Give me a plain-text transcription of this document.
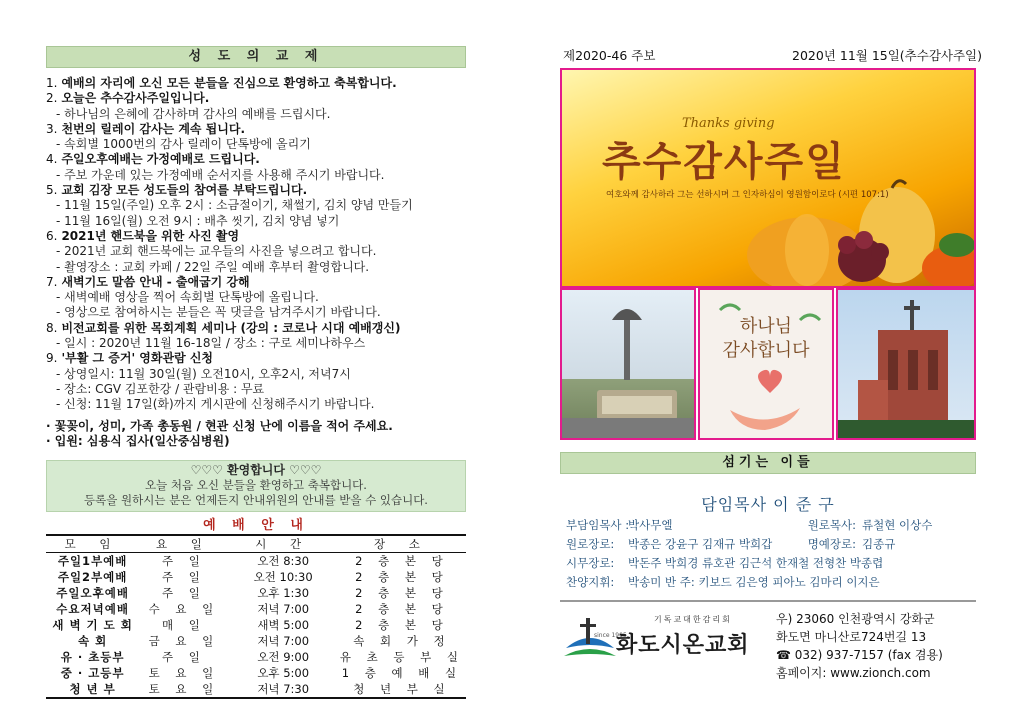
성 도 의 교 제
1. 예배의 자리에 오신 모든 분들을 진심으로 환영하고 축복합니다.
2. 오늘은 추수감사주일입니다.
- 하나님의 은혜에 감사하며 감사의 예배를 드립시다.
3. 천번의 릴레이 감사는 계속 됩니다.
- 속회별 1000번의 감사 릴레이 단톡방에 올리기
4. 주일오후예배는 가정예배로 드립니다.
- 주보 가운데 있는 가정예배 순서지를 사용해 주시기 바랍니다.
5. 교회 김장 모든 성도들의 참여를 부탁드립니다.
- 11월 15일(주일) 오후 2시 : 소금절이기, 채썰기, 김치 양념 만들기
- 11월 16일(월) 오전 9시 : 배추 씻기, 김치 양념 넣기
6. 2021년 핸드북을 위한 사진 촬영
- 2021년 교회 핸드북에는 교우들의 사진을 넣으려고 합니다.
- 촬영장소 : 교회 카페 / 22일 주일 예배 후부터 촬영합니다.
7. 새벽기도 말씀 안내 - 출애굽기 강해
- 새벽예배 영상을 찍어 속회별 단톡방에 올립니다.
- 영상으로 참여하시는 분들은 꼭 댓글을 남겨주시기 바랍니다.
8. 비전교회를 위한 목회계획 세미나 (강의 : 코로나 시대 예배갱신)
- 일시 : 2020년 11월 16-18일 / 장소 : 구로 세미나하우스
9. '부활 그 증거' 영화관람 신청
- 상영일시: 11월 30일(월) 오전10시, 오후2시, 저녁7시
- 장소: CGV 김포한강 / 관람비용 : 무료
- 신청: 11월 17일(화)까지 게시판에 신청해주시기 바랍니다.
· 꽃꽂이, 성미, 가족 총동원 / 현관 신청 난에 이름을 적어 주세요.
· 입원: 심용식 집사(일산중심병원)
♡♡♡ 환영합니다 ♡♡♡
오늘 처음 오신 분들을 환영하고 축복합니다.
등록을 원하시는 분은 언제든지 안내위원의 안내를 받을 수 있습니다.
예 배 안 내
모 임	요 일	시 간	장 소
주일1부예배	주 일	오전 8:30	2 층 본 당
주일2부예배	주 일	오전 10:30	2 층 본 당
주일오후예배	주 일	오후 1:30	2 층 본 당
수요저녁예배	수 요 일	저녁 7:00	2 층 본 당
새 벽 기 도 회	매 일	새벽 5:00	2 층 본 당
속 회	금 요 일	저녁 7:00	속 회 가 정
유 · 초등부	주 일	오전 9:00	유 초 등 부 실
중 · 고등부	토 요 일	오후 5:00	1 층 예 배 실
청 년 부	토 요 일	저녁 7:30	청 년 부 실
제2020-46 주보	2020년 11월 15일(추수감사주일)
Thanks giving
추수감사주일
여호와께 감사하라 그는 선하시며 그 인자하심이 영원함이로다 (시편 107:1)
하나님
감사합니다
섬기는 이들
담임목사 이 준 구
부담임목사 :박사무엘	원로목사: 류철현 이상수
원로장로: 박종은 강윤구 김재규 박희갑	명예장로: 김종규
시무장로: 박돈주 박희경 류호관 김근석 한재철 전형찬 박종렵
찬양지휘: 박송미 반 주: 키보드 김은영 피아노 김마리 이지은
기독교대한감리회
since 1905
화도시온교회
우) 23060 인천광역시 강화군
화도면 마니산로724번길 13
☎ 032) 937-7157 (fax 겸용)
홈페이지: www.zionch.com
